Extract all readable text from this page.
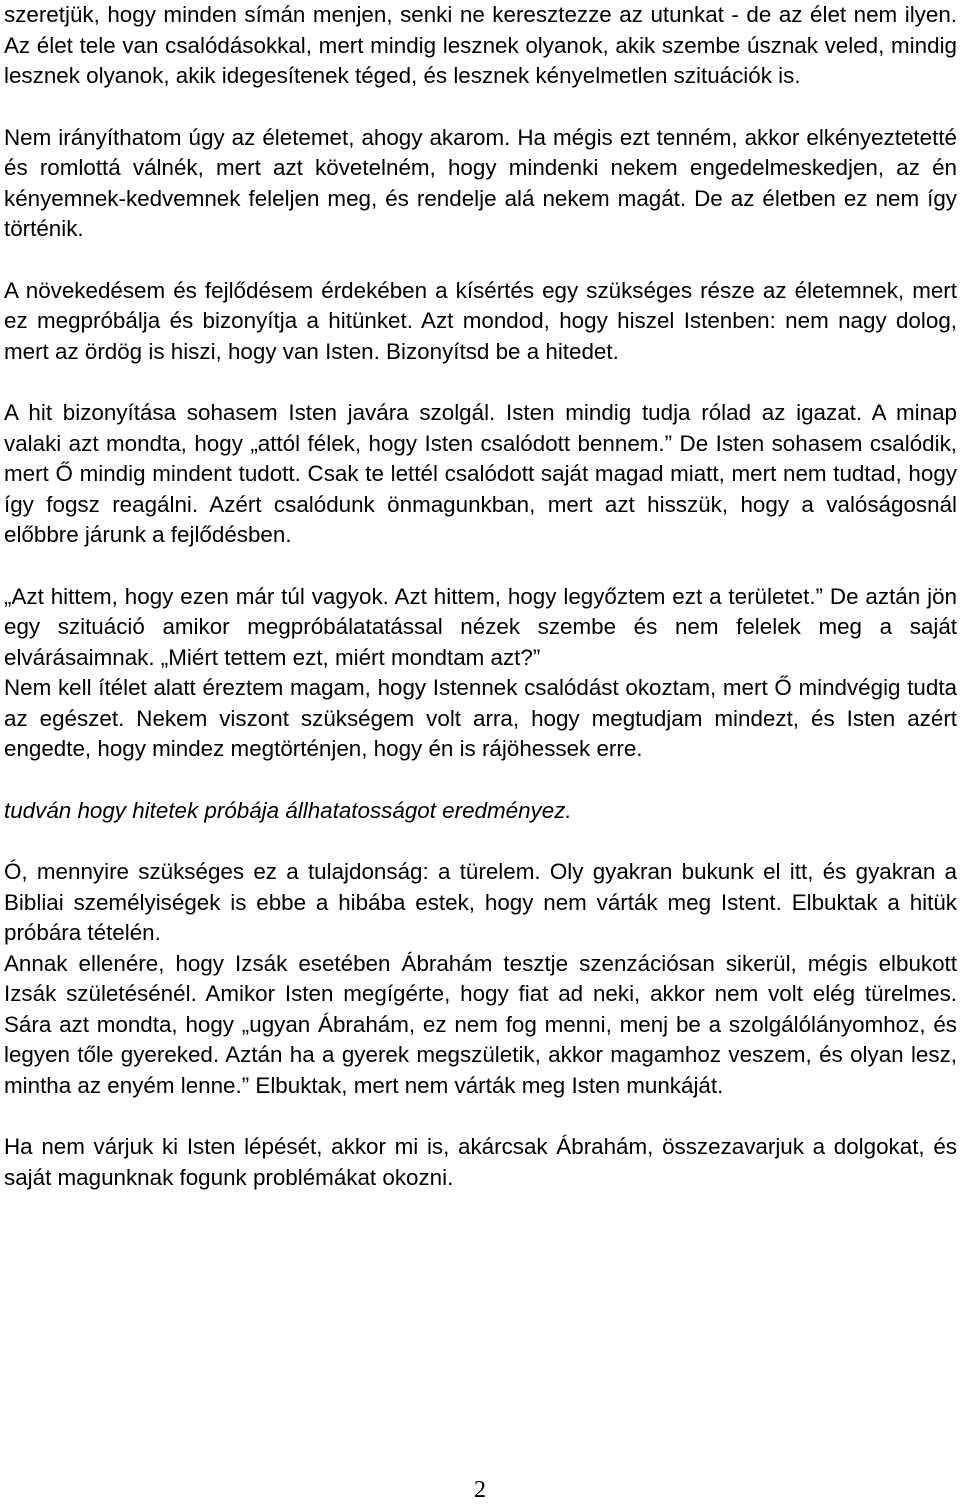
szeretjük, hogy minden símán menjen, senki ne keresztezze az utunkat - de az élet nem ilyen. Az élet tele van csalódásokkal, mert mindig lesznek olyanok, akik szembe úsznak veled, mindig lesznek olyanok, akik idegesítenek téged, és lesznek kényelmetlen szituációk is.

Nem irányíthatom úgy az életemet, ahogy akarom. Ha mégis ezt tenném, akkor elkényeztetetté és romlottá válnék, mert azt követelném, hogy mindenki nekem engedelmeskedjen, az én kényemnek-kedvemnek feleljen meg, és rendelje alá nekem magát. De az életben ez nem így történik.

A növekedésem és fejlődésem érdekében a kísértés egy szükséges része az életemnek, mert ez megpróbálja és bizonyítja a hitünket. Azt mondod, hogy hiszel Istenben: nem nagy dolog, mert az ördög is hiszi, hogy van Isten. Bizonyítsd be a hitedet.

A hit bizonyítása sohasem Isten javára szolgál. Isten mindig tudja rólad az igazat. A minap valaki azt mondta, hogy „attól félek, hogy Isten csalódott bennem.” De Isten sohasem csalódik, mert Ő mindig mindent tudott. Csak te lettél csalódott saját magad miatt, mert nem tudtad, hogy így fogsz reagálni. Azért csalódunk önmagunkban, mert azt hisszük, hogy a valóságosnál előbbre járunk a fejlődésben.

„Azt hittem, hogy ezen már túl vagyok. Azt hittem, hogy legyőztem ezt a területet.” De aztán jön egy szituáció amikor megpróbálatatással nézek szembe és nem felelek meg a saját elvárásaimnak. „Miért tettem ezt, miért mondtam azt?”

Nem kell ítélet alatt éreztem magam, hogy Istennek csalódást okoztam, mert Ő mindvégig tudta az egészet. Nekem viszont szükségem volt arra, hogy megtudjam mindezt, és Isten azért engedte, hogy mindez megtörténjen, hogy én is rájöhessek erre.

tudván hogy hitetek próbája állhatatosságot eredményez.

Ó, mennyire szükséges ez a tulajdonság: a türelem. Oly gyakran bukunk el itt, és gyakran a Bibliai személyiségek is ebbe a hibába estek, hogy nem várták meg Istent. Elbuktak a hitük próbára tételén.

Annak ellenére, hogy Izsák esetében Ábrahám tesztje szenzációsan sikerül, mégis elbukott Izsák születésénél. Amikor Isten megígérte, hogy fiat ad neki, akkor nem volt elég türelmes. Sára azt mondta, hogy „ugyan Ábrahám, ez nem fog menni, menj be a szolgálólányomhoz, és legyen tőle gyereked. Aztán ha a gyerek megszületik, akkor magamhoz veszem, és olyan lesz, mintha az enyém lenne.” Elbuktak, mert nem várták meg Isten munkáját.

Ha nem várjuk ki Isten lépését, akkor mi is, akárcsak Ábrahám, összezavarjuk a dolgokat, és saját magunknak fogunk problémákat okozni.

2
